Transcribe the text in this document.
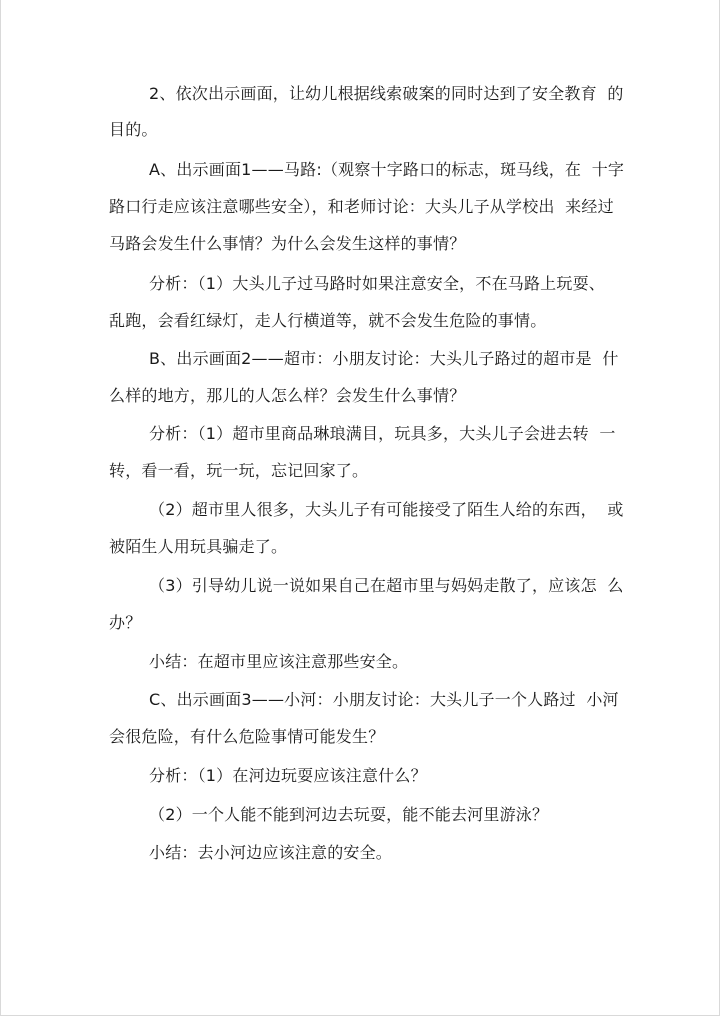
2、依次出示画面，让幼儿根据线索破案的同时达到了安全教育  的
目的。
A、出示画面1——马路:（观察十字路口的标志，斑马线，在  十字
路口行走应该注意哪些安全），和老师讨论：大头儿子从学校出  来经过
马路会发生什么事情？为什么会发生这样的事情？
分析：（1）大头儿子过马路时如果注意安全，不在马路上玩耍、
乱跑，会看红绿灯，走人行横道等，就不会发生危险的事情。
B、出示画面2——超市：小朋友讨论：大头儿子路过的超市是  什
么样的地方，那儿的人怎么样？会发生什么事情？
分析：（1）超市里商品琳琅满目，玩具多，大头儿子会进去转  一
转，看一看，玩一玩，忘记回家了。
（2）超市里人很多，大头儿子有可能接受了陌生人给的东西，  或
被陌生人用玩具骗走了。
（3）引导幼儿说一说如果自己在超市里与妈妈走散了，应该怎  么
办？
小结：在超市里应该注意那些安全。
C、出示画面3——小河：小朋友讨论：大头儿子一个人路过  小河
会很危险，有什么危险事情可能发生？
分析：（1）在河边玩耍应该注意什么？
（2）一个人能不能到河边去玩耍，能不能去河里游泳？
小结：去小河边应该注意的安全。
